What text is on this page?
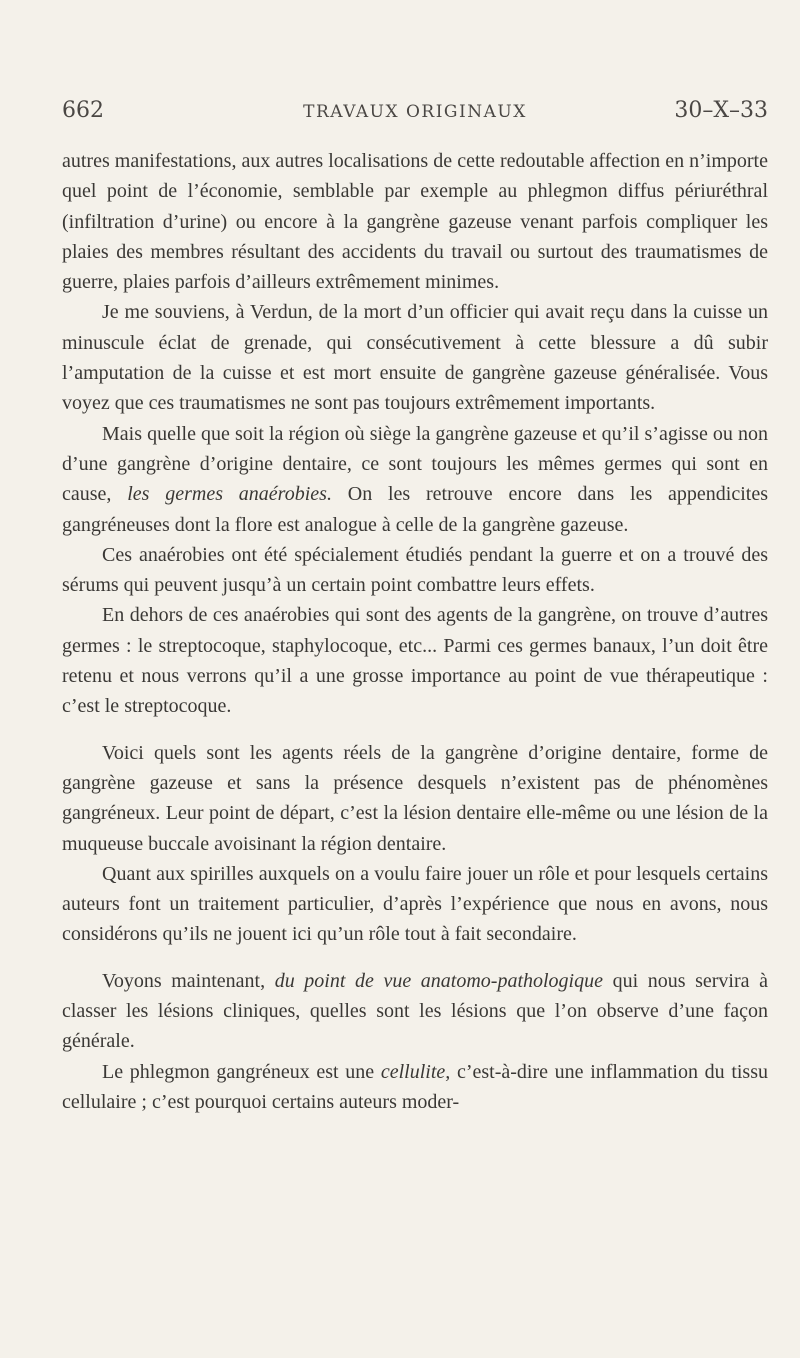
662	TRAVAUX ORIGINAUX	30–X–33

autres manifestations, aux autres localisations de cette redoutable affection en n’importe quel point de l’économie, semblable par exemple au phlegmon diffus périuréthral (infiltration d’urine) ou encore à la gangrène gazeuse venant parfois compliquer les plaies des membres résultant des accidents du travail ou surtout des traumatismes de guerre, plaies parfois d’ailleurs extrêmement minimes.

Je me souviens, à Verdun, de la mort d’un officier qui avait reçu dans la cuisse un minuscule éclat de grenade, qui consécutivement à cette blessure a dû subir l’amputation de la cuisse et est mort ensuite de gangrène gazeuse généralisée. Vous voyez que ces traumatismes ne sont pas toujours extrêmement importants.

Mais quelle que soit la région où siège la gangrène gazeuse et qu’il s’agisse ou non d’une gangrène d’origine dentaire, ce sont toujours les mêmes germes qui sont en cause, les germes anaérobies. On les retrouve encore dans les appendicites gangréneuses dont la flore est analogue à celle de la gangrène gazeuse.

Ces anaérobies ont été spécialement étudiés pendant la guerre et on a trouvé des sérums qui peuvent jusqu’à un certain point combattre leurs effets.

En dehors de ces anaérobies qui sont des agents de la gangrène, on trouve d’autres germes : le streptocoque, staphylocoque, etc... Parmi ces germes banaux, l’un doit être retenu et nous verrons qu’il a une grosse importance au point de vue thérapeutique : c’est le streptocoque.

Voici quels sont les agents réels de la gangrène d’origine dentaire, forme de gangrène gazeuse et sans la présence desquels n’existent pas de phénomènes gangréneux. Leur point de départ, c’est la lésion dentaire elle-même ou une lésion de la muqueuse buccale avoisinant la région dentaire.

Quant aux spirilles auxquels on a voulu faire jouer un rôle et pour lesquels certains auteurs font un traitement particulier, d’après l’expérience que nous en avons, nous considérons qu’ils ne jouent ici qu’un rôle tout à fait secondaire.

Voyons maintenant, du point de vue anatomo-pathologique qui nous servira à classer les lésions cliniques, quelles sont les lésions que l’on observe d’une façon générale.

Le phlegmon gangréneux est une cellulite, c’est-à-dire une inflammation du tissu cellulaire ; c’est pourquoi certains auteurs moder-
